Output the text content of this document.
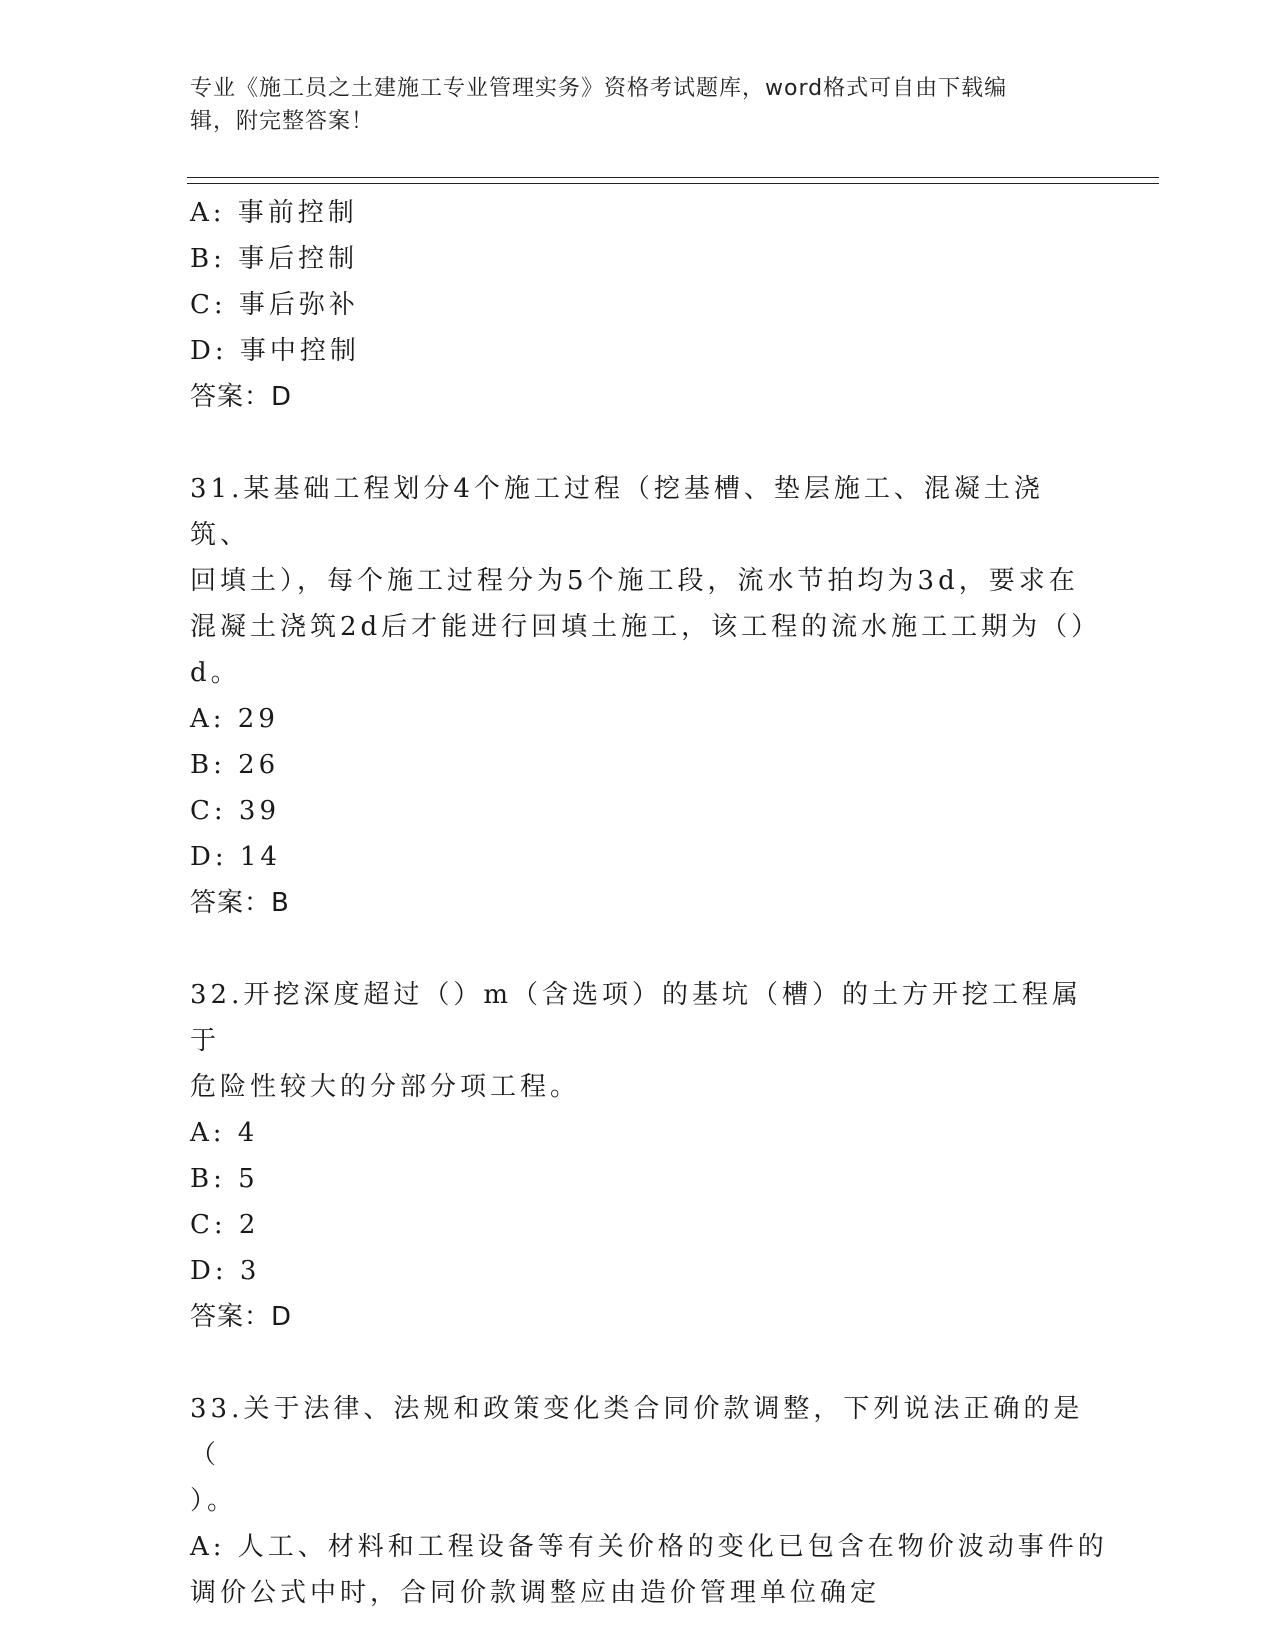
专业《施工员之土建施工专业管理实务》资格考试题库，word格式可自由下载编
辑，附完整答案！
A: 事前控制
B: 事后控制
C: 事后弥补
D: 事中控制
答案：D
31.某基础工程划分4个施工过程（挖基槽、垫层施工、混凝土浇筑、
回填土），每个施工过程分为5个施工段，流水节拍均为3d，要求在
混凝土浇筑2d后才能进行回填土施工，该工程的流水施工工期为（）
d。
A: 29
B: 26
C: 39
D: 14
答案：B
32.开挖深度超过（）m（含选项）的基坑（槽）的土方开挖工程属于
危险性较大的分部分项工程。
A: 4
B: 5
C: 2
D: 3
答案：D
33.关于法律、法规和政策变化类合同价款调整，下列说法正确的是（
）。
A: 人工、材料和工程设备等有关价格的变化已包含在物价波动事件的
调价公式中时，合同价款调整应由造价管理单位确定
